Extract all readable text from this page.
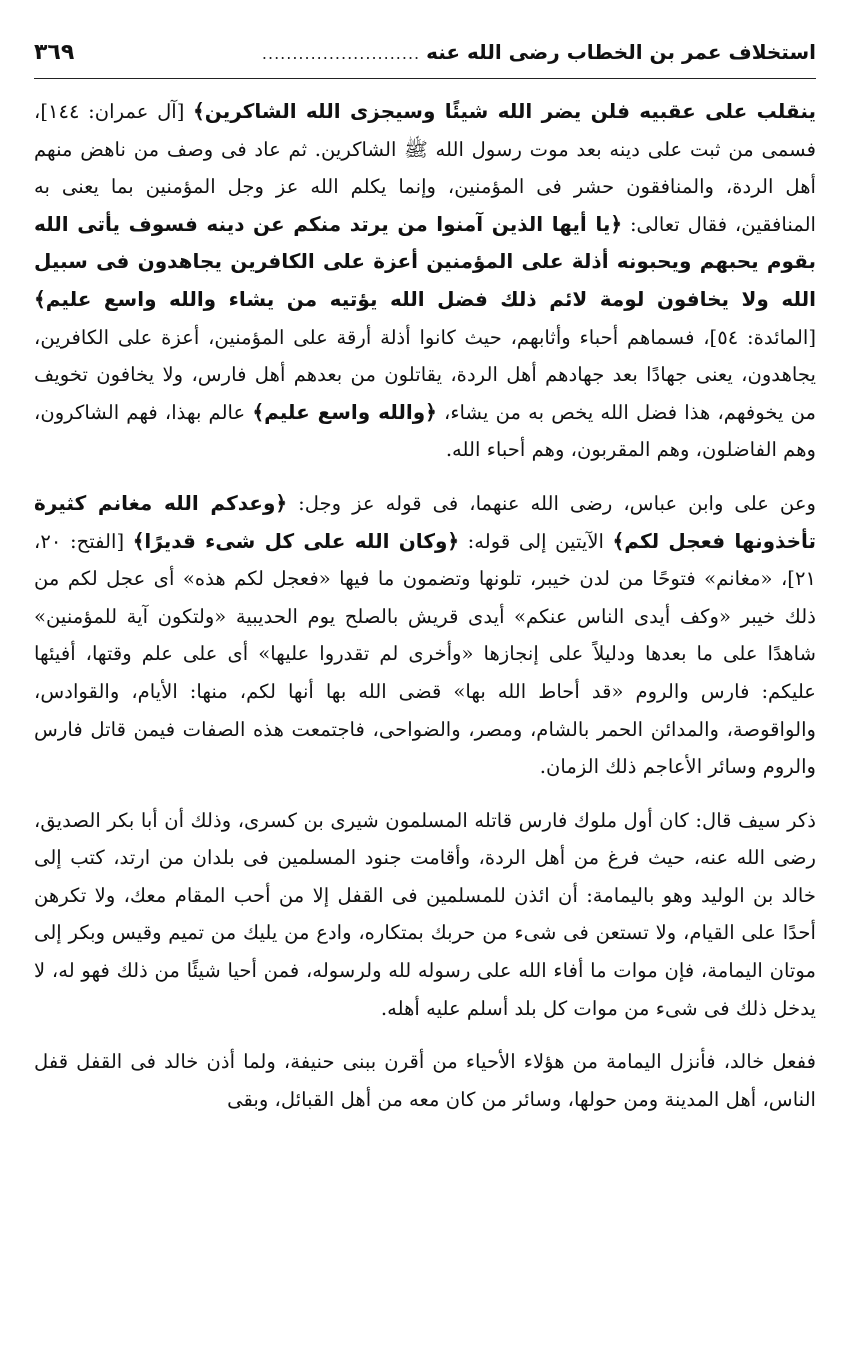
استخلاف عمر بن الخطاب رضى الله عنه
..........................
٣٦٩

ينقلب على عقبيه فلن يضر الله شيئًا وسيجزى الله الشاكرين﴾ [آل عمران: ١٤٤]، فسمى من ثبت على دينه بعد موت رسول الله ﷺ الشاكرين. ثم عاد فى وصف من ناهض منهم أهل الردة، والمنافقون حشر فى المؤمنين، وإنما يكلم الله عز وجل المؤمنين بما يعنى به المنافقين، فقال تعالى: ﴿يا أيها الذين آمنوا من يرتد منكم عن دينه فسوف يأتى الله بقوم يحبهم ويحبونه أذلة على المؤمنين أعزة على الكافرين يجاهدون فى سبيل الله ولا يخافون لومة لائم ذلك فضل الله يؤتيه من يشاء والله واسع عليم﴾ [المائدة: ٥٤]، فسماهم أحباء وأثابهم، حيث كانوا أذلة أرقة على المؤمنين، أعزة على الكافرين، يجاهدون، يعنى جهادًا بعد جهادهم أهل الردة، يقاتلون من بعدهم أهل فارس، ولا يخافون تخويف من يخوفهم، هذا فضل الله يخص به من يشاء، ﴿والله واسع عليم﴾ عالم بهذا، فهم الشاكرون، وهم الفاضلون، وهم المقربون، وهم أحباء الله.

وعن على وابن عباس، رضى الله عنهما، فى قوله عز وجل: ﴿وعدكم الله مغانم كثيرة تأخذونها فعجل لكم﴾ الآيتين إلى قوله: ﴿وكان الله على كل شىء قديرًا﴾ [الفتح: ٢٠، ٢١]، «مغانم» فتوحًا من لدن خيبر، تلونها وتضمون ما فيها «فعجل لكم هذه» أى عجل لكم من ذلك خيبر «وكف أيدى الناس عنكم» أيدى قريش بالصلح يوم الحديبية «ولتكون آية للمؤمنين» شاهدًا على ما بعدها ودليلاً على إنجازها «وأخرى لم تقدروا عليها» أى على علم وقتها، أفيئها عليكم: فارس والروم «قد أحاط الله بها» قضى الله بها أنها لكم، منها: الأيام، والقوادس، والواقوصة، والمدائن الحمر بالشام، ومصر، والضواحى، فاجتمعت هذه الصفات فيمن قاتل فارس والروم وسائر الأعاجم ذلك الزمان.

ذكر سيف قال: كان أول ملوك فارس قاتله المسلمون شيرى بن كسرى، وذلك أن أبا بكر الصديق، رضى الله عنه، حيث فرغ من أهل الردة، وأقامت جنود المسلمين فى بلدان من ارتد، كتب إلى خالد بن الوليد وهو باليمامة: أن ائذن للمسلمين فى القفل إلا من أحب المقام معك، ولا تكرهن أحدًا على القيام، ولا تستعن فى شىء من حربك بمتكاره، وادع من يليك من تميم وقيس وبكر إلى موتان اليمامة، فإن موات ما أفاء الله على رسوله لله ولرسوله، فمن أحيا شيئًا من ذلك فهو له، لا يدخل ذلك فى شىء من موات كل بلد أسلم عليه أهله.

ففعل خالد، فأنزل اليمامة من هؤلاء الأحياء من أقرن ببنى حنيفة، ولما أذن خالد فى القفل قفل الناس، أهل المدينة ومن حولها، وسائر من كان معه من أهل القبائل، وبقى
